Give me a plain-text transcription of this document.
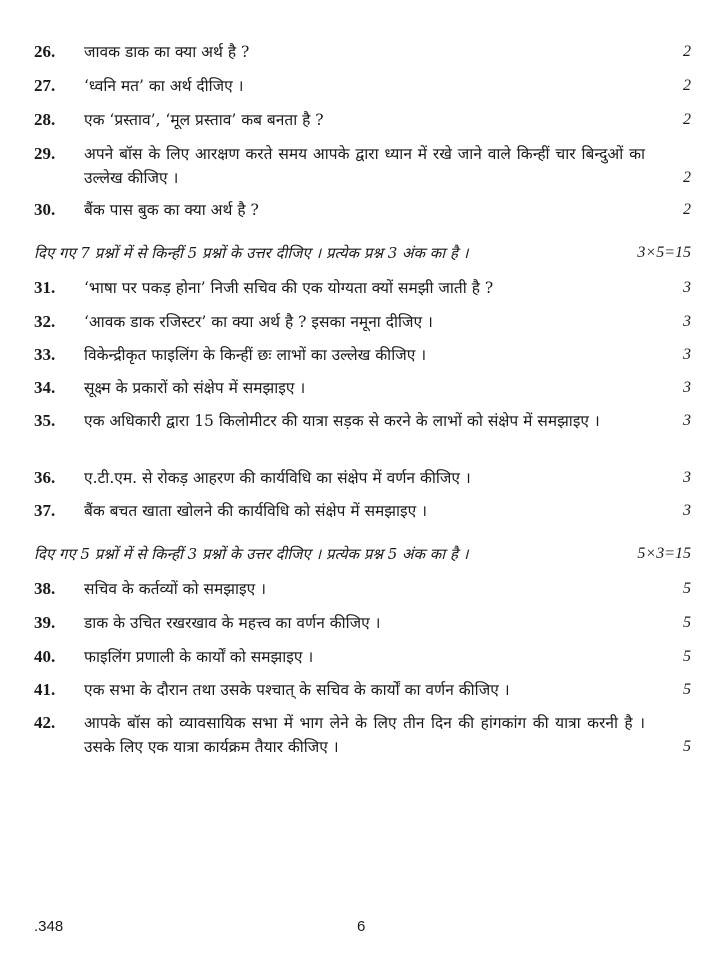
26.	जावक डाक का क्या अर्थ है ?	2
27.	‘ध्वनि मत’ का अर्थ दीजिए ।	2
28.	एक ‘प्रस्ताव’, ‘मूल प्रस्ताव’ कब बनता है ?	2
29.	अपने बॉस के लिए आरक्षण करते समय आपके द्वारा ध्यान में रखे जाने वाले किन्हीं चार बिन्दुओं का उल्लेख कीजिए ।	2
30.	बैंक पास बुक का क्या अर्थ है ?	2
दिए गए 7 प्रश्नों में से किन्हीं 5 प्रश्नों के उत्तर दीजिए । प्रत्येक प्रश्न 3 अंक का है ।	3×5=15
31.	‘भाषा पर पकड़ होना’ निजी सचिव की एक योग्यता क्यों समझी जाती है ?	3
32.	‘आवक डाक रजिस्टर’ का क्या अर्थ है ? इसका नमूना दीजिए ।	3
33.	विकेन्द्रीकृत फाइलिंग के किन्हीं छः लाभों का उल्लेख कीजिए ।	3
34.	सूक्ष्म के प्रकारों को संक्षेप में समझाइए ।	3
35.	एक अधिकारी द्वारा 15 किलोमीटर की यात्रा सड़क से करने के लाभों को संक्षेप में समझाइए ।	3
36.	ए.टी.एम. से रोकड़ आहरण की कार्यविधि का संक्षेप में वर्णन कीजिए ।	3
37.	बैंक बचत खाता खोलने की कार्यविधि को संक्षेप में समझाइए ।	3
दिए गए 5 प्रश्नों में से किन्हीं 3 प्रश्नों के उत्तर दीजिए । प्रत्येक प्रश्न 5 अंक का है ।	5×3=15
38.	सचिव के कर्तव्यों को समझाइए ।	5
39.	डाक के उचित रखरखाव के महत्त्व का वर्णन कीजिए ।	5
40.	फाइलिंग प्रणाली के कार्यों को समझाइए ।	5
41.	एक सभा के दौरान तथा उसके पश्चात् के सचिव के कार्यों का वर्णन कीजिए ।	5
42.	आपके बॉस को व्यावसायिक सभा में भाग लेने के लिए तीन दिन की हांगकांग की यात्रा करनी है । उसके लिए एक यात्रा कार्यक्रम तैयार कीजिए ।	5
.348	6
